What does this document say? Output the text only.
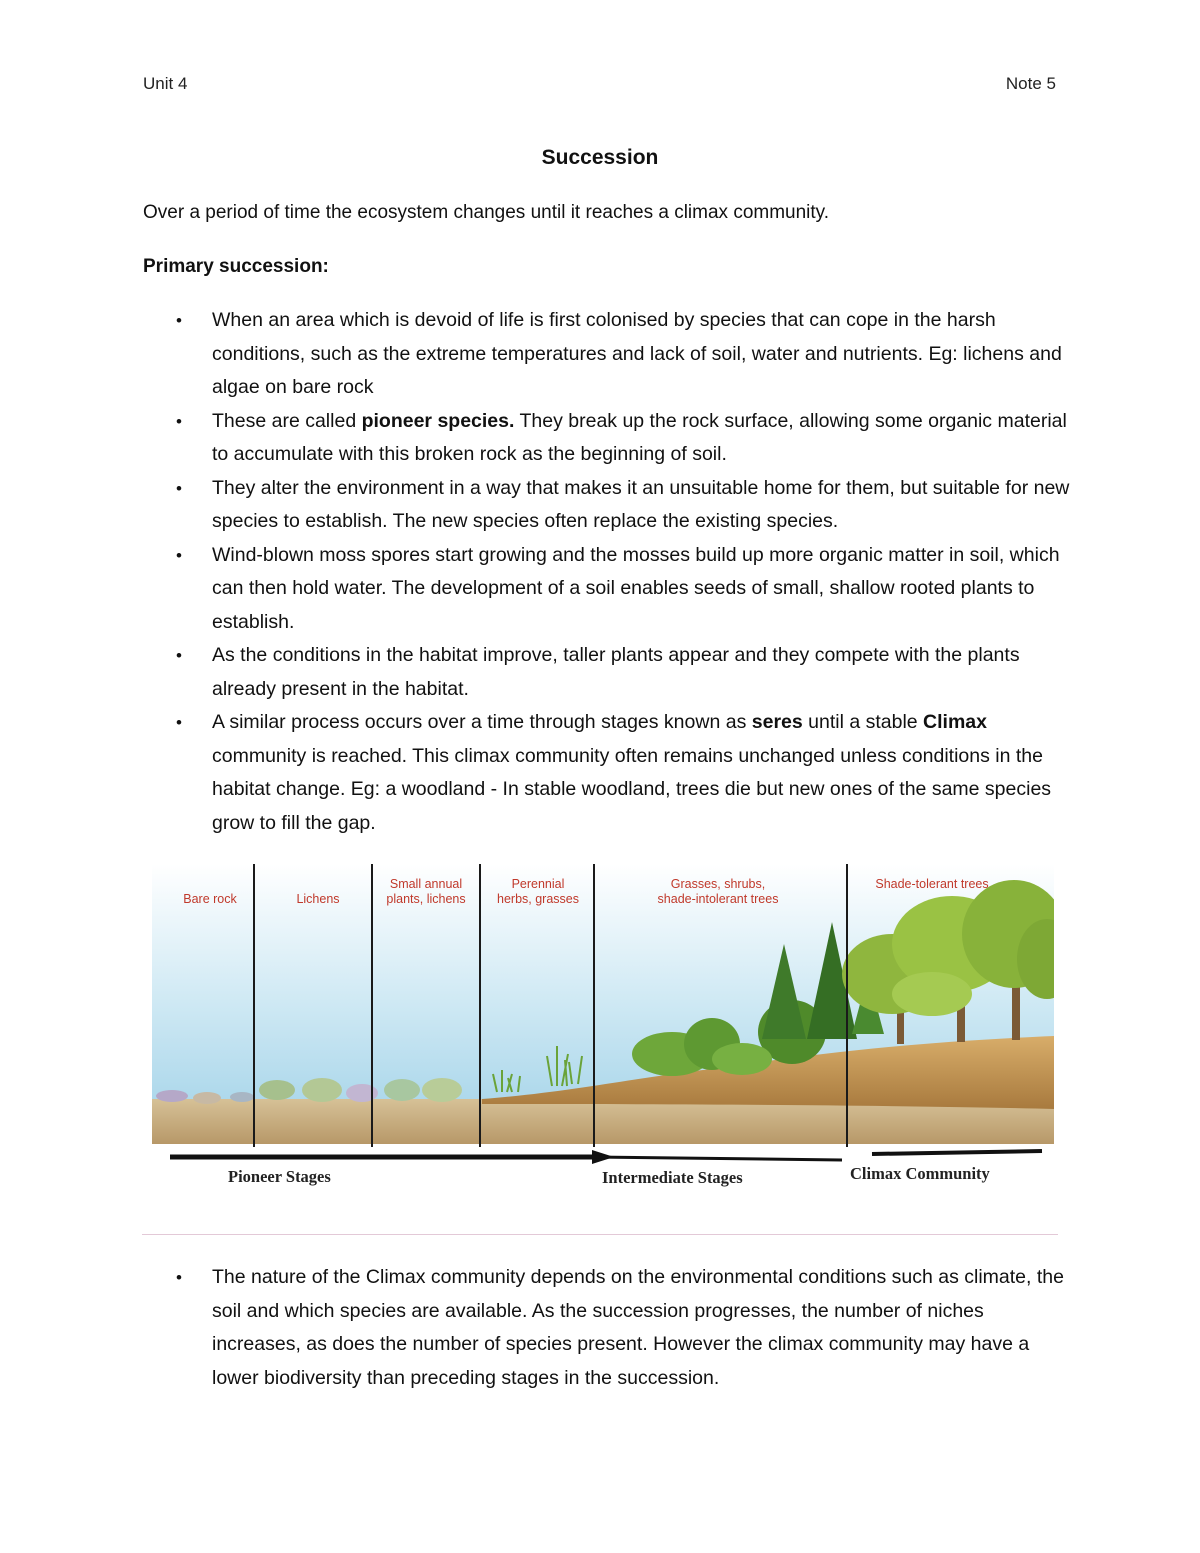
Unit 4	Note 5
Succession
Over a period of time the ecosystem changes until it reaches a climax community.
Primary succession:
• When an area which is devoid of life is first colonised by species that can cope in the harsh conditions, such as the extreme temperatures and lack of soil, water and nutrients. Eg: lichens and algae on bare rock
• These are called pioneer species. They break up the rock surface, allowing some organic material to accumulate with this broken rock as the beginning of soil.
• They alter the environment in a way that makes it an unsuitable home for them, but suitable for new species to establish. The new species often replace the existing species.
• Wind-blown moss spores start growing and the mosses build up more organic matter in soil, which can then hold water. The development of a soil enables seeds of small, shallow rooted plants to establish.
• As the conditions in the habitat improve, taller plants appear and they compete with the plants already present in the habitat.
• A similar process occurs over a time through stages known as seres until a stable Climax community is reached. This climax community often remains unchanged unless conditions in the habitat change. Eg: a woodland - In stable woodland, trees die but new ones of the same species grow to fill the gap.
Bare rock	Lichens
Small annual
plants, lichens
Perennial
herbs, grasses
Grasses, shrubs,
shade-intolerant trees
Shade-tolerant trees
Pioneer Stages	Intermediate Stages	Climax Community
• The nature of the Climax community depends on the environmental conditions such as climate, the soil and which species are available. As the succession progresses, the number of niches increases, as does the number of species present. However the climax community may have a lower biodiversity than preceding stages in the succession.
